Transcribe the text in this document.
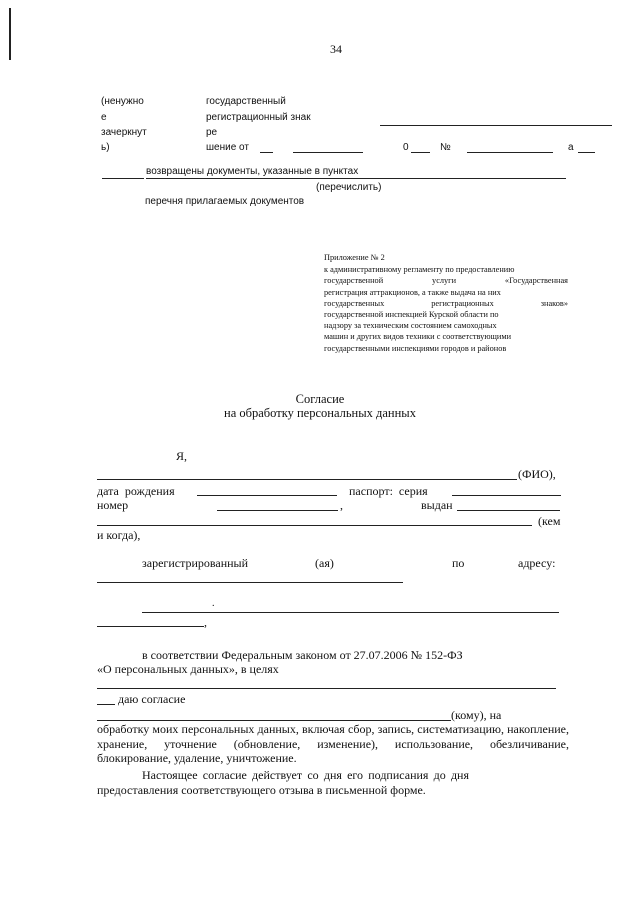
34
(ненужно
е
зачеркнут
ь)
государственный
регистрационный знак
ре
шение от	0	№	а
возвращены документы, указанные в пунктах
(перечислить)
перечня прилагаемых документов
Приложение № 2
к административному регламенту по предоставлению
государственной	услуги	«Государственная
регистрация аттракционов, а также выдача на них
государственных	регистрационных	знаков»
государственной инспекцией Курской области по
надзору за техническим состоянием самоходных
машин и других видов техники с соответствующими
государственными инспекциями городов и районов
Согласие
на обработку персональных данных
Я,
(ФИО),
дата рождения	паспорт: серия
номер	,	выдан
(кем
и когда),
зарегистрированный	(ая)	по	адресу:
.
,
в соответствии Федеральным законом от 27.07.2006 № 152-ФЗ
«О персональных данных», в целях
даю согласие
(кому), на
обработку моих персональных данных, включая сбор, запись, систематизацию, накопление, хранение, уточнение (обновление, изменение), использование, обезличивание, блокирование, удаление, уничтожение.
Настоящее согласие действует со дня его подписания до дня предоставления соответствующего отзыва в письменной форме.
